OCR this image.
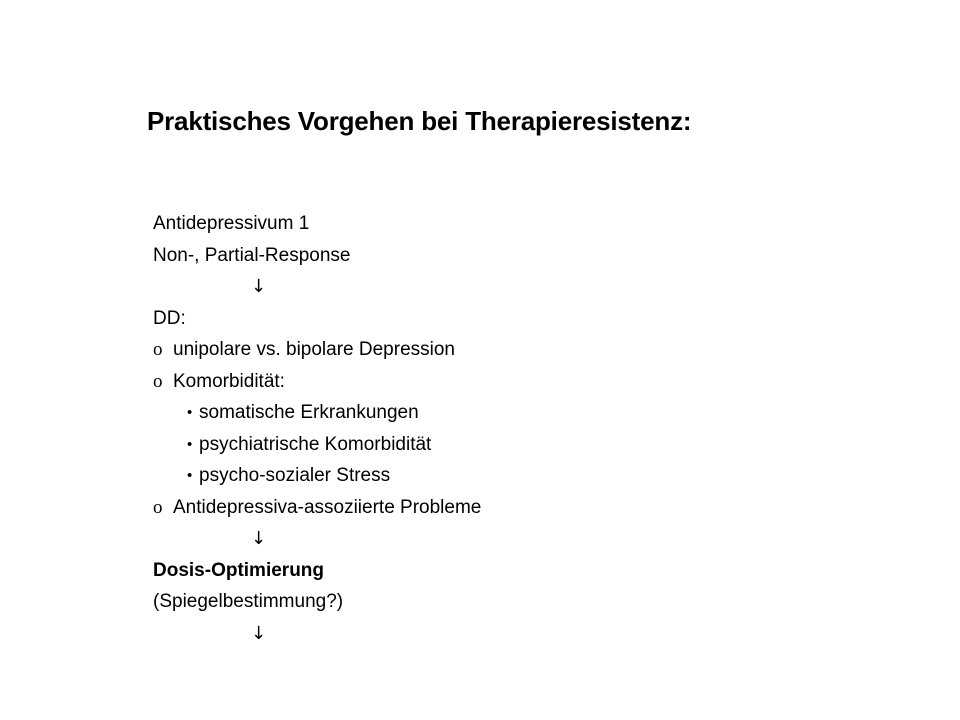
Praktisches Vorgehen bei Therapieresistenz:
Antidepressivum 1
Non-, Partial-Response
↓
DD:
o unipolare vs. bipolare Depression
o Komorbidität:
• somatische Erkrankungen
• psychiatrische Komorbidität
• psycho-sozialer Stress
o Antidepressiva-assoziierte Probleme
↓
Dosis-Optimierung
(Spiegelbestimmung?)
↓
